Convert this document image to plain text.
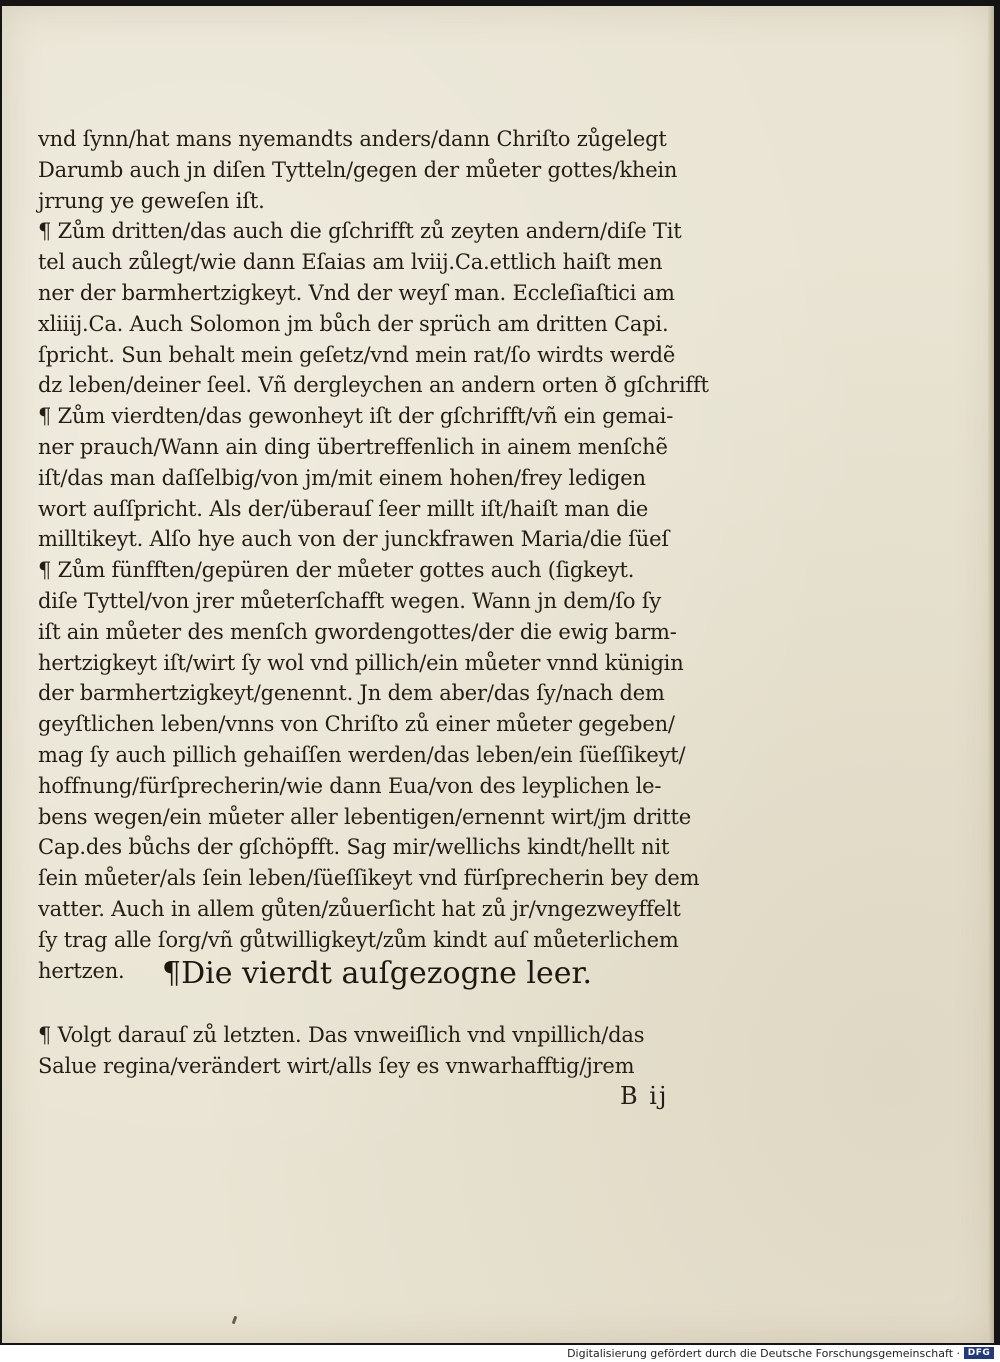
vnd ſynn/hat mans nyemandts anders/dann Chriſto zůgelegt
Darumb auch jn diſen Tytteln/gegen der můeter gottes/khein
jrrung ye geweſen iſt.
¶ Zům dritten/das auch die gſchrifft zů zeyten andern/diſe Tit
tel auch zůlegt/wie dann Eſaias am lviij.Ca.ettlich haiſt men
ner der barmhertzigkeyt. Vnd der weyſ man. Eccleſiaſtici am
xliiij.Ca. Auch Solomon jm bůch der sprüch am dritten Capi.
ſpricht. Sun behalt mein geſetz/vnd mein rat/ſo wirdts werdẽ
dz leben/deiner ſeel. Vñ dergleychen an andern orten ð gſchrifft
¶ Zům vierdten/das gewonheyt iſt der gſchrifft/vñ ein gemai-
ner prauch/Wann ain ding übertreffenlich in ainem menſchẽ
iſt/das man daſſelbig/von jm/mit einem hohen/frey ledigen
wort auſſpricht. Als der/überauſ ſeer millt iſt/haiſt man die
milltikeyt. Alſo hye auch von der junckfrawen Maria/die ſüeſ
¶ Zům fünfften/gepüren der můeter gottes auch (ſigkeyt.
diſe Tyttel/von jrer můeterſchafft wegen. Wann jn dem/ſo ſy
iſt ain můeter des menſch gwordengottes/der die ewig barm-
hertzigkeyt iſt/wirt ſy wol vnd pillich/ein můeter vnnd künigin
der barmhertzigkeyt/genennt. Jn dem aber/das ſy/nach dem
geyſtlichen leben/vnns von Chriſto zů einer můeter gegeben/
mag ſy auch pillich gehaiſſen werden/das leben/ein ſüeſſikeyt/
hoffnung/fürſprecherin/wie dann Eua/von des leyplichen le-
bens wegen/ein můeter aller lebentigen/ernennt wirt/jm dritte
Cap.des bůchs der gſchöpfft. Sag mir/wellichs kindt/hellt nit
ſein můeter/als ſein leben/ſüeſſikeyt vnd fürſprecherin bey dem
vatter. Auch in allem gůten/zůuerſicht hat zů jr/vngezweyffelt
ſy trag alle ſorg/vñ gůtwilligkeyt/zům kindt auſ můeterlichem
hertzen.	¶Die vierdt auſgezogne leer.
¶ Volgt darauſ zů letzten. Das vnweiſlich vnd vnpillich/das
Salue regina/verändert wirt/alls ſey es vnwarhafftig/jrem
B ij
Digitalisierung gefördert durch die Deutsche Forschungsgemeinschaft · DFG
